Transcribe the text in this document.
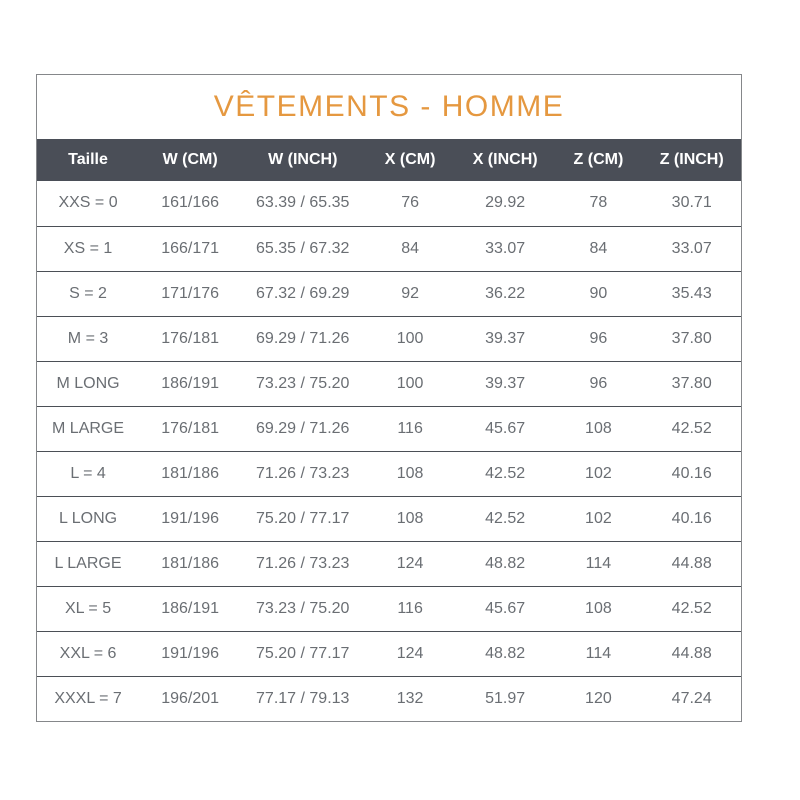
VÊTEMENTS - HOMME
Taille	W (CM)	W (INCH)	X (CM)	X (INCH)	Z (CM)	Z (INCH)
XXS = 0	161/166	63.39 / 65.35	76	29.92	78	30.71
XS = 1	166/171	65.35 / 67.32	84	33.07	84	33.07
S = 2	171/176	67.32 / 69.29	92	36.22	90	35.43
M = 3	176/181	69.29 / 71.26	100	39.37	96	37.80
M LONG	186/191	73.23 / 75.20	100	39.37	96	37.80
M LARGE	176/181	69.29 / 71.26	116	45.67	108	42.52
L = 4	181/186	71.26 / 73.23	108	42.52	102	40.16
L LONG	191/196	75.20 / 77.17	108	42.52	102	40.16
L LARGE	181/186	71.26 / 73.23	124	48.82	114	44.88
XL = 5	186/191	73.23 / 75.20	116	45.67	108	42.52
XXL = 6	191/196	75.20 / 77.17	124	48.82	114	44.88
XXXL = 7	196/201	77.17 / 79.13	132	51.97	120	47.24
